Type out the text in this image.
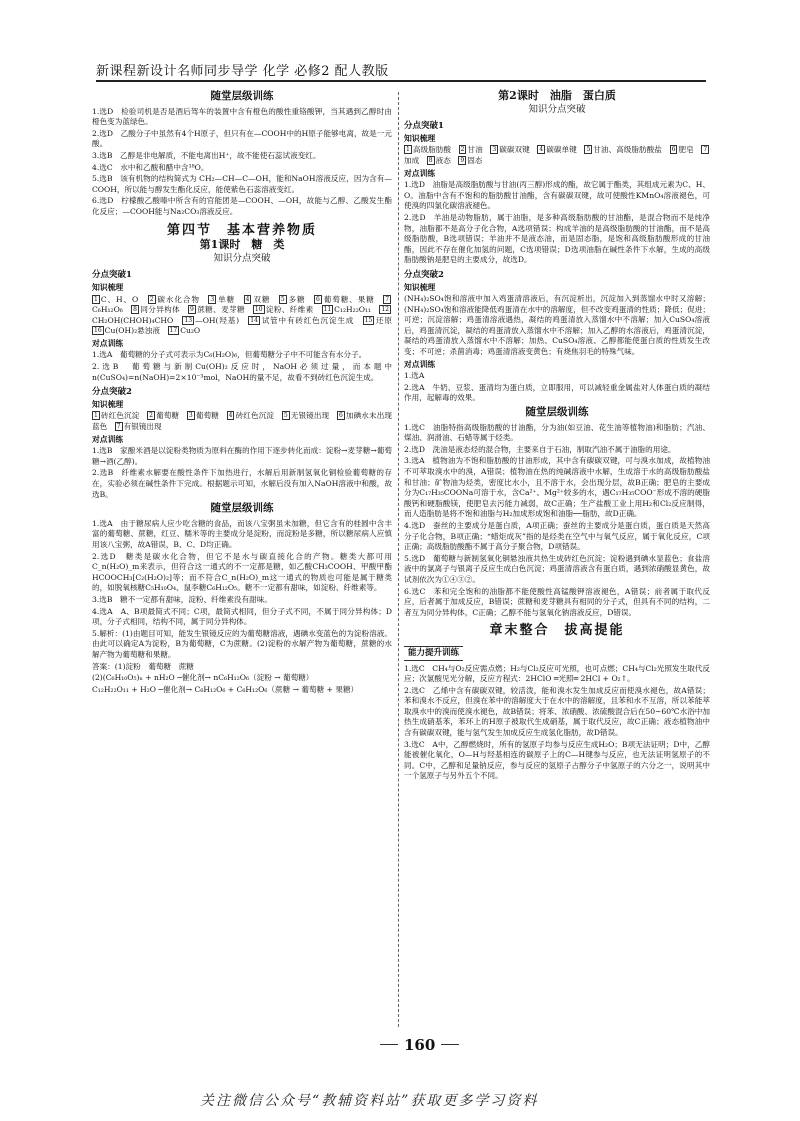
新课程新设计名师同步导学 化学 必修2 配人教版
随堂层级训练

1.选D　检验司机是否是酒后驾车的装置中含有橙色的酸性重铬酸钾，当其遇到乙醇时由橙色变为蓝绿色。

2.选D　乙酸分子中虽然有4个H原子，但只有在—COOH中的H原子能够电离，故是一元酸。

3.选B　乙醇是非电解质，不能电离出H⁺，故不能使石蕊试液变红。

4.选C　水中和乙酸和醋中含¹⁸O。

5.选B　该有机物的结构简式为 CH₂—CH—C—OH，能和NaOH溶液反应，因为含有—COOH，所以能与醇发生酯化反应，能使紫色石蕊溶液变红。

6.选D　柠檬酸乙酸嗪中所含有的官能团是—COOH、—OH，故能与乙醇、乙酸发生酯化反应；—COOH能与Na₂CO₃溶液反应。

第四节　基本营养物质
第1课时　糖　类
知识分点突破
分点突破1
知识梳理

1 C、H、O　 2 碳水化合物　 3 单糖　 4 双糖　 5 多糖　 6 葡萄糖、果糖　 7C₆H₁₂O₆　 8 同分异构体　 9 蔗糖、麦芽糖　 10 淀粉、纤维素　 11 C₁₂H₂₂O₁₁　 12CH₂OH(CHOH)₄CHO　 13 —OH(羟基)　 14 试管中有砖红色沉淀生成　 15 还原　16 Cu(OH)₂悬浊液　 17 Cu₂O　

对点训练

1.选A　葡萄糖的分子式可表示为C₆(H₂O)₆，但葡萄糖分子中不可能含有水分子。

2.选B　葡萄糖与新制Cu(OH)₂反应时，NaOH必须过量，而本题中n(CuSO₄)=n(NaOH)=2×10⁻³mol，NaOH的量不足，故看不到砖红色沉淀生成。

分点突破2
知识梳理

1 砖红色沉淀　 2 葡萄糖　 3 葡萄糖　 4 砖红色沉淀　 5 无银镜出现　 6 加碘水未出现蓝色　 7 有银镜出现　

对点训练

1.选B　家酿米酒是以淀粉类物质为原料在酶的作用下逐步转化而成：淀粉→麦芽糖→葡萄糖→酒(乙醇)。

2.选B　纤维素水解要在酸性条件下加热进行，水解后用新制氢氧化铜检验葡萄糖的存在，实验必须在碱性条件下完成。根据题示可知，水解后没有加入NaOH溶液中和酸，故选B。

随堂层级训练

1.选A　由于糖尿病人应少吃含糖的食品，而该八宝粥虽未加糖，但它含有的桂圆中含丰富的葡萄糖、蔗糖，红豆、糯米等的主要成分是淀粉，而淀粉是多糖，所以糖尿病人应慎用该八宝粥，故A错误，B、C、D均正确。

2.选D　糖类是碳水化合物，但它不是水与碳直接化合的产物。糖类大都可用C_n(H₂O)_m来表示，但符合这一通式的不一定都是糖，如乙酸CH₃COOH、甲酸甲酯HCOOCH₃[C₂(H₂O)₂]等；而不符合C_n(H₂O)_m这一通式的物质也可能是属于糖类的，如脱氧核糖C₅H₁₀O₄、鼠李糖C₆H₁₂O₅。糖不一定都有甜味，如淀粉、纤维素等。

3.选B　糖不一定都有甜味，淀粉、纤维素没有甜味。

4.选A　A、B项最简式不同；C项，最简式相同，但分子式不同，不属于同分异构体；D项，分子式相同，结构不同，属于同分异构体。

5.解析：(1)由题目可知，能发生银镜反应的为葡萄糖溶液，遇碘水变蓝色的为淀粉溶液。由此可以确定A为淀粉，B为葡萄糖，C为蔗糖。(2)淀粉的水解产物为葡萄糖，蔗糖的水解产物为葡萄糖和果糖。

答案：(1)淀粉　葡萄糖　蔗糖

(2)(C₆H₁₀O₅)ₙ + nH₂O ─催化剂→ nC₆H₁₂O₆（淀粉 → 葡萄糖）

C₁₂H₂₂O₁₁ + H₂O ─催化剂→ C₆H₁₂O₆ + C₆H₁₂O₆（蔗糖 → 葡萄糖 + 果糖）

第2课时　油脂　蛋白质
知识分点突破
分点突破1
知识梳理

1 高级脂肪酸　 2 甘油　 3 碳碳双键　 4 碳碳单键　 5 甘油、高级脂肪酸盐　 6 肥皂　 7加成　 8 液态　 9 固态　

对点训练

1.选D　油脂是高级脂肪酸与甘油(丙三醇)形成的酯，故它属于酯类，其组成元素为C、H、O。油脂中含有不饱和的脂肪酸甘油酯，含有碳碳双键，故可使酸性KMnO₄溶液褪色，可使溴的四氯化碳溶液褪色。

2.选D　羊油是动物脂肪，属于油脂，是多种高级脂肪酸的甘油酯，是混合物而不是纯净物，油脂都不是高分子化合物，A选项错误；构成羊油的是高级脂肪酸的甘油酯，而不是高级脂肪酸，B选项错误；羊油并不是液态油，而是固态脂，是饱和高级脂肪酸形成的甘油酯，因此不存在催化加氢的问题，C选项错误；D选项油脂在碱性条件下水解，生成的高级脂肪酸钠是肥皂的主要成分，故选D。

分点突破2
知识梳理

(NH₄)₂SO₄饱和溶液中加入鸡蛋清溶液后，有沉淀析出，沉淀加入到蒸馏水中时又溶解；(NH₄)₂SO₄饱和溶液能降低鸡蛋清在水中的溶解度，但不改变鸡蛋清的性质；降低；促进；可逆；沉淀溶解；鸡蛋清溶液遇热，凝结的鸡蛋清放入蒸馏水中不溶解；加入CuSO₄溶液后，鸡蛋清沉淀，凝结的鸡蛋清放入蒸馏水中不溶解；加入乙醇的水溶液后，鸡蛋清沉淀，凝结的鸡蛋清放入蒸馏水中不溶解；加热、CuSO₄溶液、乙醇都能使蛋白质的性质发生改变；不可逆；杀菌消毒；鸡蛋清溶液变黄色；有烧焦羽毛的特殊气味。

对点训练

1.选A

2.选A　牛奶、豆浆、蛋清均为蛋白质，立即服用，可以减轻重金属盐对人体蛋白质的凝结作用，起解毒的效果。

随堂层级训练

1.选C　油脂特指高级脂肪酸的甘油酯，分为油(如豆油、花生油等植物油)和脂肪；汽油、煤油、润滑油、石蜡等属于烃类。

2.选D　洗油是液态烃的混合物，主要来自于石油，制取汽油不属于油脂的用途。

3.选A　植物油为不饱和脂肪酸的甘油形成，其中含有碳碳双键，可与溴水加成，故植物油不可萃取溴水中的溴，A错误；植物油在热的纯碱溶液中水解，生成溶于水的高级脂肪酸盐和甘油；矿物油为烃类，密度比水小，且不溶于水，会出现分层，故B正确；肥皂的主要成分为C₁₇H₃₅COONa可溶于水，含Ca²⁺、Mg²⁺较多的水，遇C₁₇H₃₅COO⁻形成不溶的硬脂酸钙和硬脂酸镁，使肥皂去污能力减弱，故C正确；生产盐酸工业上用H₂和Cl₂反应制得，而人造脂肪是将不饱和油脂与H₂加成形成饱和油脂──脂肪，故D正确。

4.选D　蚕丝的主要成分是蛋白质，A项正确；蚕丝的主要成分是蛋白质，蛋白质是天然高分子化合物，B项正确；“蜡炬成灰”指的是烃类在空气中与氧气反应，属于氧化反应，C项正确；高级脂肪酸酯不属于高分子聚合物，D项错误。

5.选D　葡萄糖与新制氢氧化铜悬浊液共热生成砖红色沉淀；淀粉遇到碘水显蓝色；食盐溶液中的氯离子与银离子反应生成白色沉淀；鸡蛋清溶液含有蛋白质，遇到浓硝酸显黄色，故试剂依次为①④③②。

6.选C　苯和完全饱和的油脂都不能使酸性高锰酸钾溶液褪色，A错误；前者属于取代反应，后者属于加成反应，B错误；蔗糖和麦芽糖具有相同的分子式，但具有不同的结构，二者互为同分异构体，C正确；乙醇不能与氢氧化钠溶液反应，D错误。

章末整合　拔高提能
能力提升训练

1.选C　CH₄与O₂反应需点燃；H₂与Cl₂反应可光照，也可点燃；CH₄与Cl₂光照发生取代反应；次氯酸见光分解，反应方程式：2HClO ═光照═ 2HCl + O₂↑。

2.选C　乙烯中含有碳碳双键，较活泼，能和溴水发生加成反应而使溴水褪色，故A错误；苯和溴水不反应，但溴在苯中的溶解度大于在水中的溶解度，且苯和水不互溶，所以苯能萃取溴水中的溴而使溴水褪色，故B错误；将苯、浓硝酸、浓硫酸混合后在50~60℃水浴中加热生成硝基苯，苯环上的H原子被取代生成硝基，属于取代反应，故C正确；液态植物油中含有碳碳双键，能与氢气发生加成反应生成氢化脂肪，故D错误。

3.选C　A中，乙醇燃烧时，所有的氢原子均参与反应生成H₂O；B项无法证明；D中，乙醇能被催化氧化，O—H与羟基相连的碳原子上的C—H键参与反应，也无法证明氢原子的不同。C中，乙醇和足量钠反应，参与反应的氢原子占醇分子中氢原子的六分之一，说明其中一个氢原子与另外五个不同。

160
关注微信公众号“教辅资料站”获取更多学习资料
